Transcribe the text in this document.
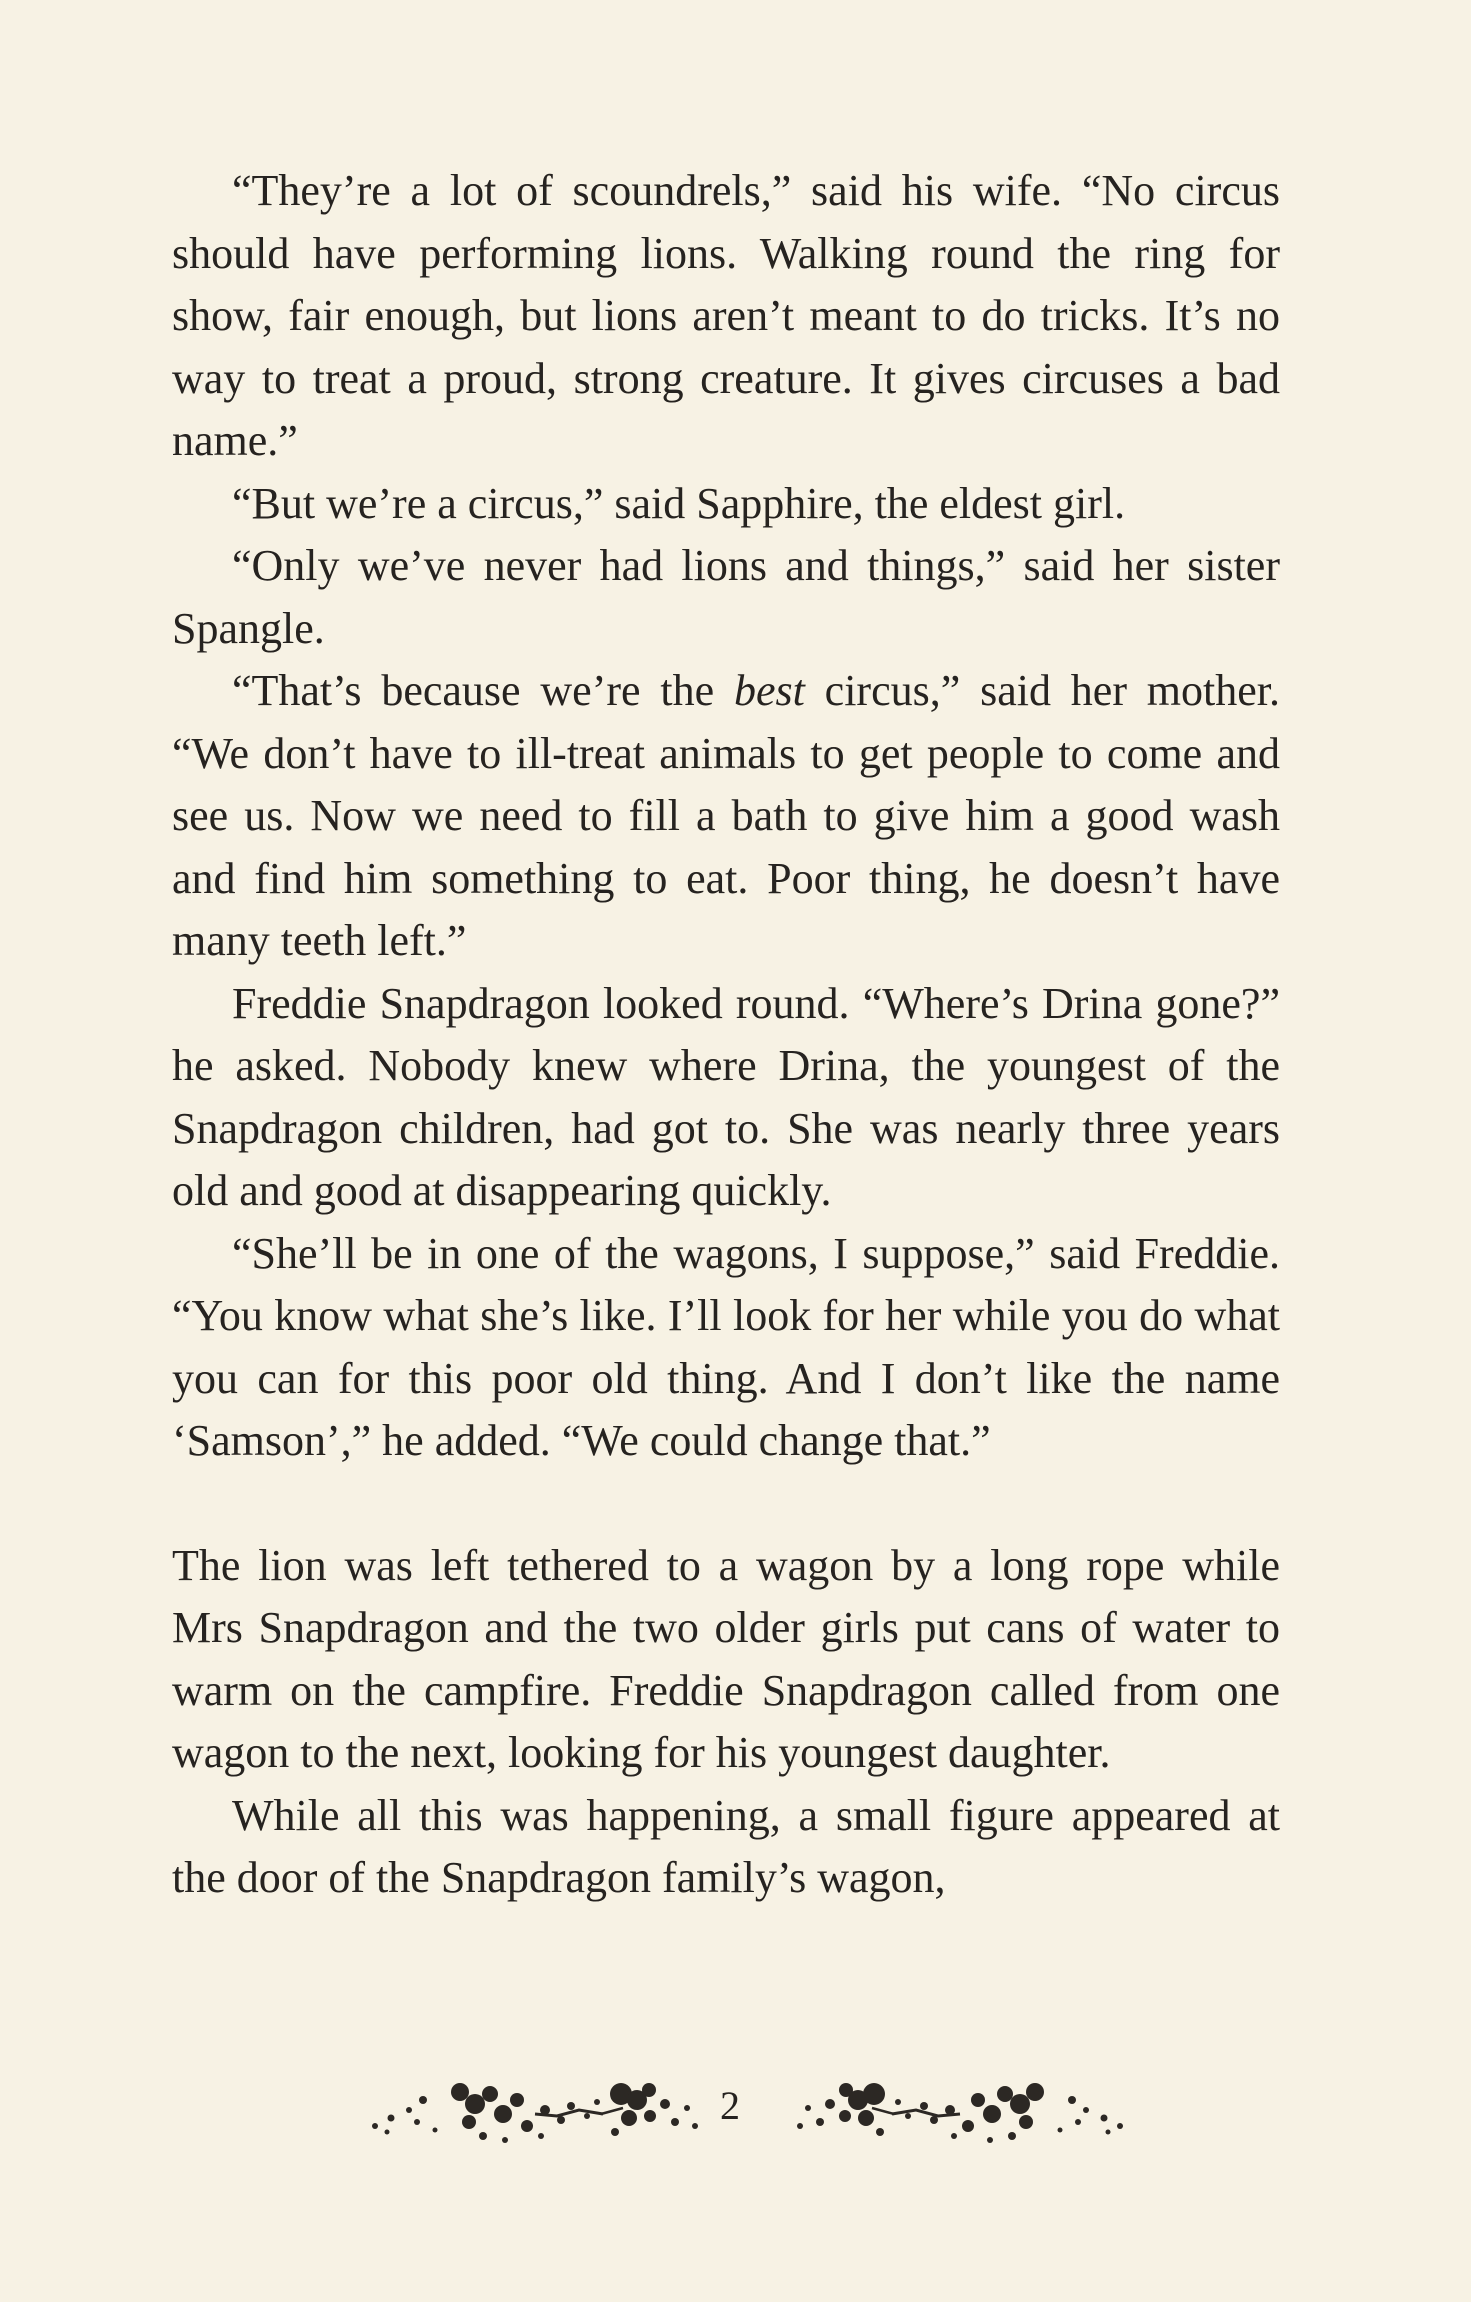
“They’re a lot of scoundrels,” said his wife. “No circus should have performing lions. Walking round the ring for show, fair enough, but lions aren’t meant to do tricks. It’s no way to treat a proud, strong creature. It gives circuses a bad name.”

“But we’re a circus,” said Sapphire, the eldest girl.

“Only we’ve never had lions and things,” said her sister Spangle.

“That’s because we’re the best circus,” said her mother. “We don’t have to ill-treat animals to get people to come and see us. Now we need to fill a bath to give him a good wash and find him something to eat. Poor thing, he doesn’t have many teeth left.”

Freddie Snapdragon looked round. “Where’s Drina gone?” he asked. Nobody knew where Drina, the youngest of the Snapdragon children, had got to. She was nearly three years old and good at disappearing quickly.

“She’ll be in one of the wagons, I suppose,” said Freddie. “You know what she’s like. I’ll look for her while you do what you can for this poor old thing. And I don’t like the name ‘Samson’,” he added. “We could change that.”

The lion was left tethered to a wagon by a long rope while Mrs Snapdragon and the two older girls put cans of water to warm on the campfire. Freddie Snapdragon called from one wagon to the next, looking for his youngest daughter.

While all this was happening, a small figure appeared at the door of the Snapdragon family’s wagon,

2
